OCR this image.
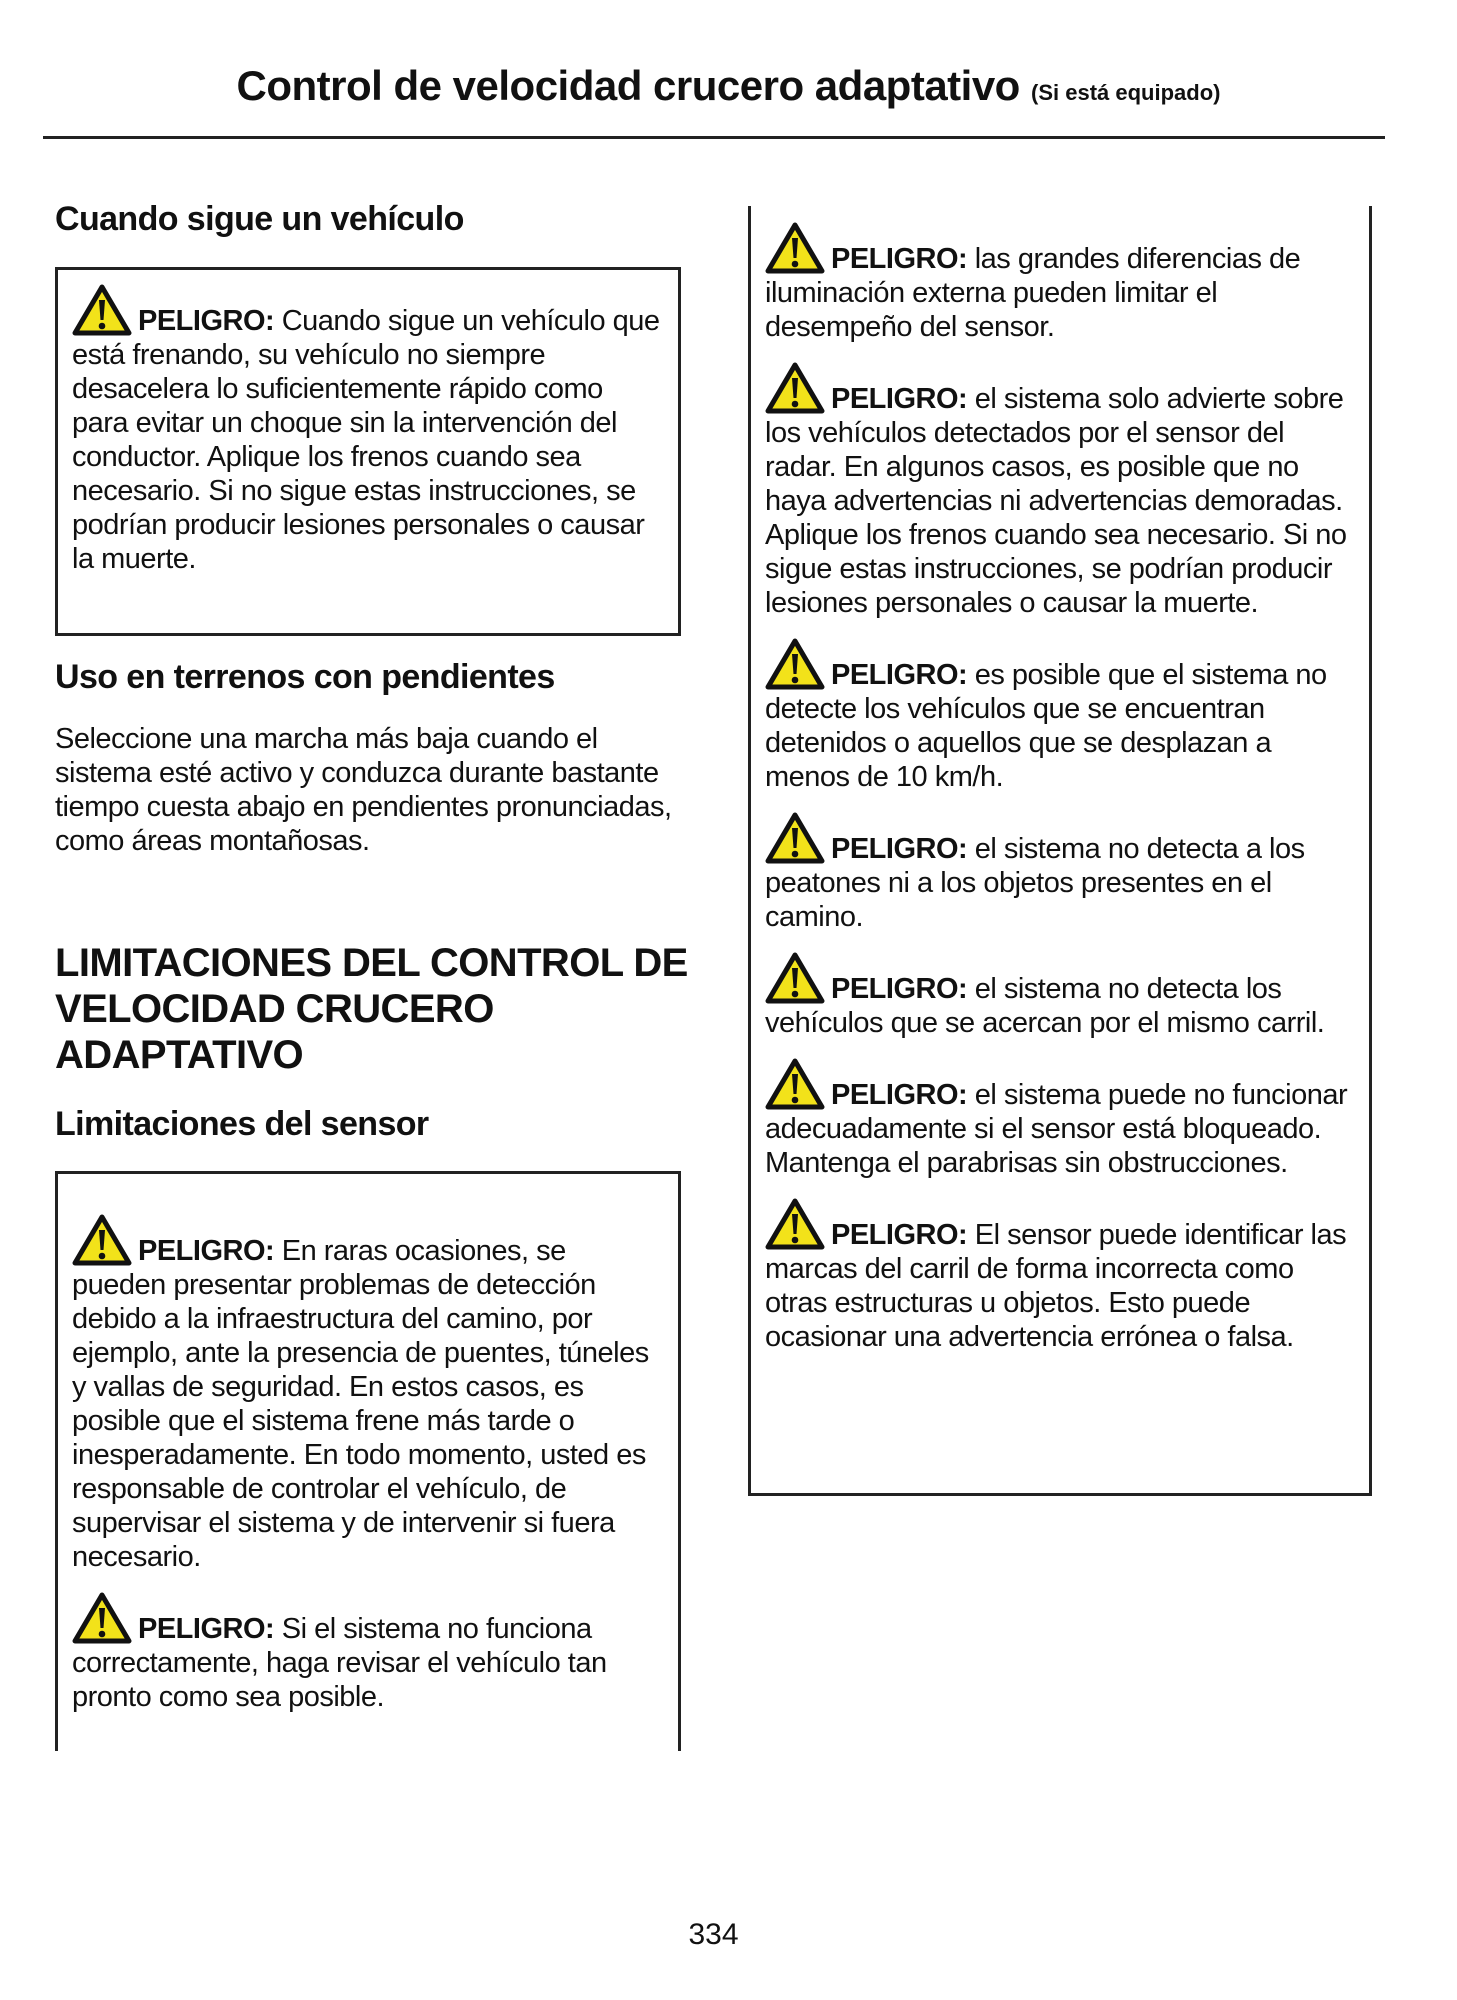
Control de velocidad crucero adaptativo (Si está equipado)
Cuando sigue un vehículo
PELIGRO: Cuando sigue un vehículo que está frenando, su vehículo no siempre desacelera lo suficientemente rápido como para evitar un choque sin la intervención del conductor. Aplique los frenos cuando sea necesario. Si no sigue estas instrucciones, se podrían producir lesiones personales o causar la muerte.
Uso en terrenos con pendientes
Seleccione una marcha más baja cuando el sistema esté activo y conduzca durante bastante tiempo cuesta abajo en pendientes pronunciadas, como áreas montañosas.
LIMITACIONES DEL CONTROL DE VELOCIDAD CRUCERO ADAPTATIVO
Limitaciones del sensor
PELIGRO: En raras ocasiones, se pueden presentar problemas de detección debido a la infraestructura del camino, por ejemplo, ante la presencia de puentes, túneles y vallas de seguridad. En estos casos, es posible que el sistema frene más tarde o inesperadamente. En todo momento, usted es responsable de controlar el vehículo, de supervisar el sistema y de intervenir si fuera necesario.
PELIGRO: Si el sistema no funciona correctamente, haga revisar el vehículo tan pronto como sea posible.
PELIGRO: las grandes diferencias de iluminación externa pueden limitar el desempeño del sensor.
PELIGRO: el sistema solo advierte sobre los vehículos detectados por el sensor del radar. En algunos casos, es posible que no haya advertencias ni advertencias demoradas. Aplique los frenos cuando sea necesario. Si no sigue estas instrucciones, se podrían producir lesiones personales o causar la muerte.
PELIGRO: es posible que el sistema no detecte los vehículos que se encuentran detenidos o aquellos que se desplazan a menos de 10 km/h.
PELIGRO: el sistema no detecta a los peatones ni a los objetos presentes en el camino.
PELIGRO: el sistema no detecta los vehículos que se acercan por el mismo carril.
PELIGRO: el sistema puede no funcionar adecuadamente si el sensor está bloqueado. Mantenga el parabrisas sin obstrucciones.
PELIGRO: El sensor puede identificar las marcas del carril de forma incorrecta como otras estructuras u objetos. Esto puede ocasionar una advertencia errónea o falsa.
334
